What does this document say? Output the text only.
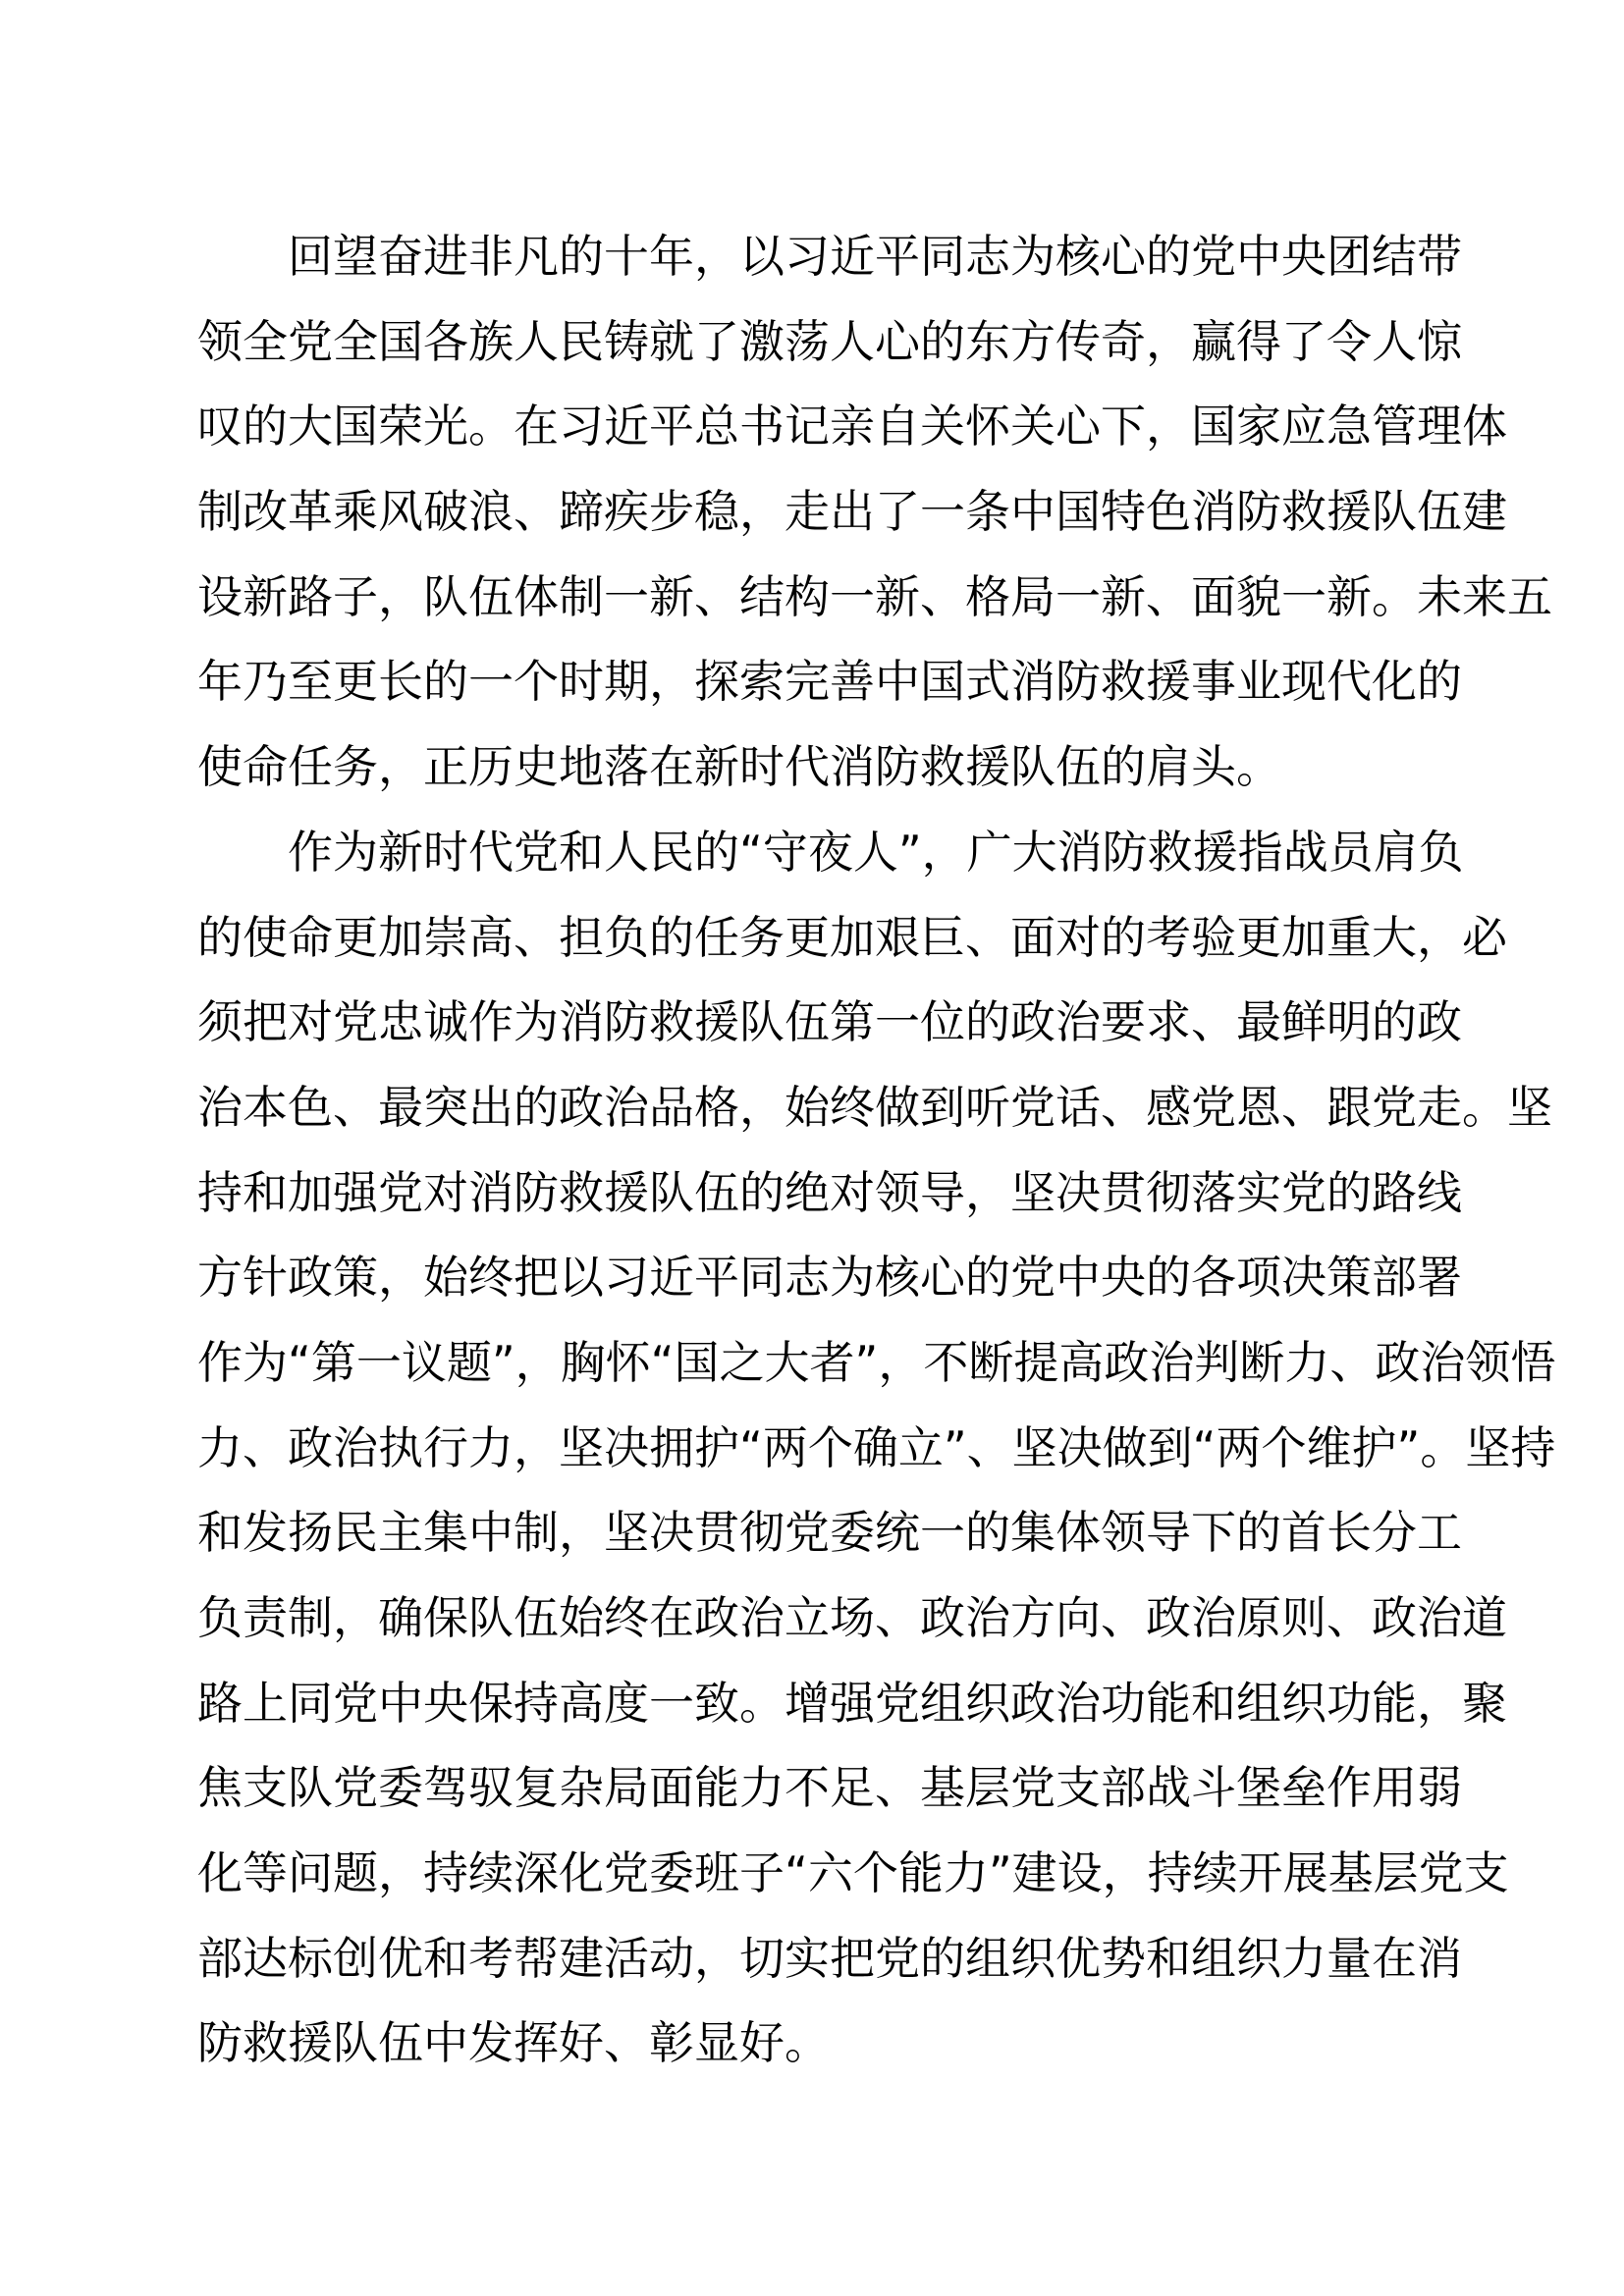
回望奋进非凡的十年，以习近平同志为核心的党中央团结带
领全党全国各族人民铸就了激荡人心的东方传奇，赢得了令人惊
叹的大国荣光。在习近平总书记亲自关怀关心下，国家应急管理体
制改革乘风破浪、蹄疾步稳，走出了一条中国特色消防救援队伍建
设新路子，队伍体制一新、结构一新、格局一新、面貌一新。未来五
年乃至更长的一个时期，探索完善中国式消防救援事业现代化的
使命任务，正历史地落在新时代消防救援队伍的肩头。
作为新时代党和人民的“守夜人”，广大消防救援指战员肩负
的使命更加崇高、担负的任务更加艰巨、面对的考验更加重大，必
须把对党忠诚作为消防救援队伍第一位的政治要求、最鲜明的政
治本色、最突出的政治品格，始终做到听党话、感党恩、跟党走。坚
持和加强党对消防救援队伍的绝对领导，坚决贯彻落实党的路线
方针政策，始终把以习近平同志为核心的党中央的各项决策部署
作为“第一议题”，胸怀“国之大者”，不断提高政治判断力、政治领悟
力、政治执行力，坚决拥护“两个确立”、坚决做到“两个维护”。坚持
和发扬民主集中制，坚决贯彻党委统一的集体领导下的首长分工
负责制，确保队伍始终在政治立场、政治方向、政治原则、政治道
路上同党中央保持高度一致。增强党组织政治功能和组织功能，聚
焦支队党委驾驭复杂局面能力不足、基层党支部战斗堡垒作用弱
化等问题，持续深化党委班子“六个能力”建设，持续开展基层党支
部达标创优和考帮建活动，切实把党的组织优势和组织力量在消
防救援队伍中发挥好、彰显好。
